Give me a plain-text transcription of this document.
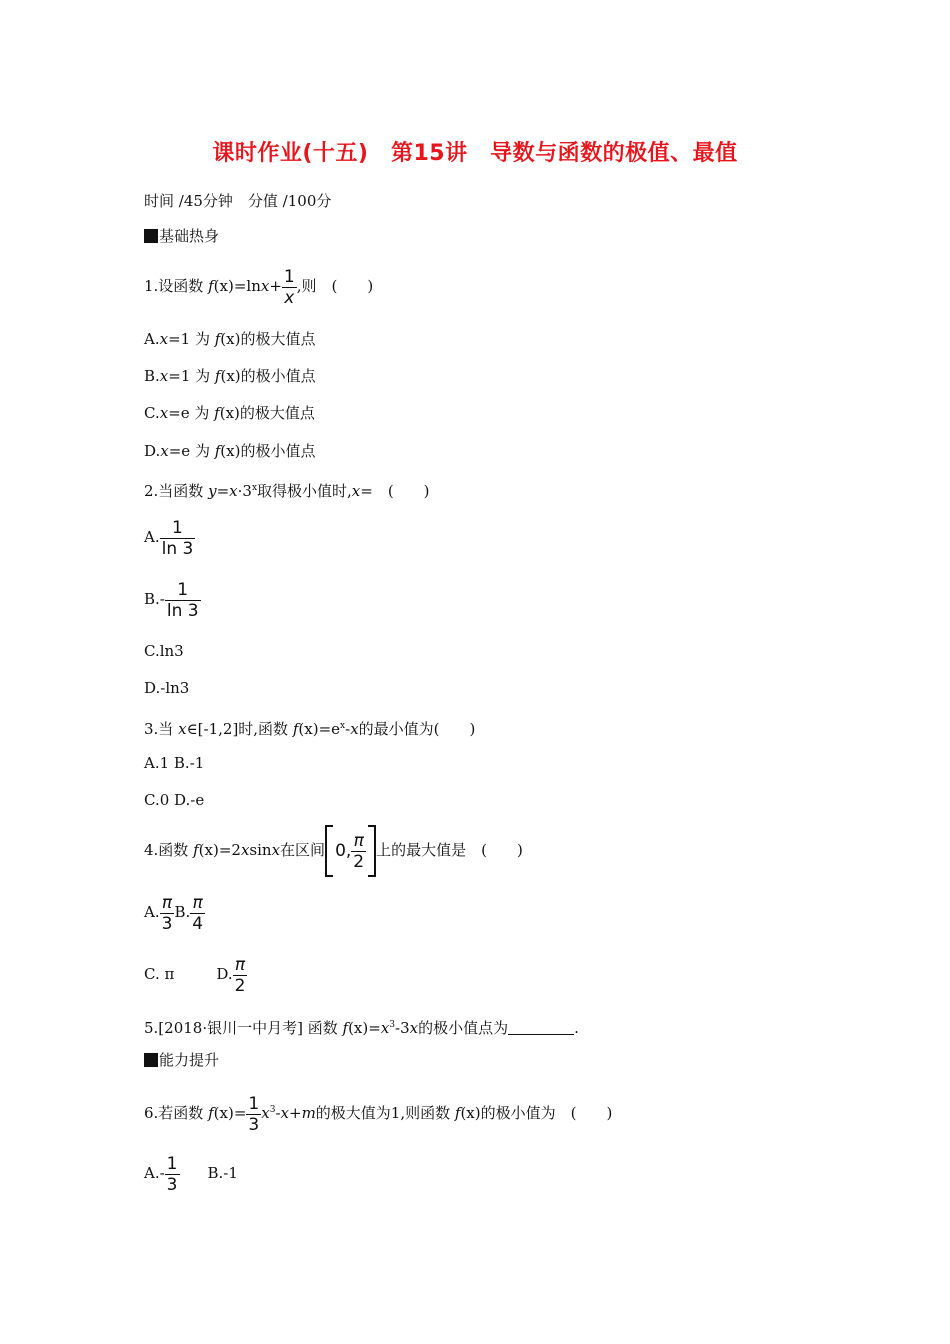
课时作业(十五)　第15讲　导数与函数的极值、最值
时间 /45分钟　分值 /100分
基础热身
1.设函数 $f(x)=\ln x+ \frac{1}{x}$ ,则　(　　)
A.x=1 为 f(x)的极大值点
B.x=1 为 f(x)的极小值点
C.x=e 为 f(x)的极大值点
D.x=e 为 f(x)的极小值点
2.当函数 $y=x\cdot 3^x$取得极小值时,x=　(　　)
A. $\frac{1}{\ln 3}$
$B.- \frac{1}{\ln 3}$
C.ln3
D.-ln3
3.当 x∈[-1,2]时,函数 $f(x)=e^x-x$的最小值为(　　)
A.1 B.-1
C.0 D.-e
4.函数 f(x)=2xsinx在区间 0, $\frac{\pi}{2}$ 上的最大值是　(　　)
A. $\frac{\pi}{3} B$. $\frac{\pi}{4}$
C. π	D. $\frac{\pi}{2}$
5.[2018·银川一中月考] 函数 $f(x)=x^3-3x$的极小值点为	.
能力提升
6.若函数 $f(x)= \frac{1}{3} x^3-x+m$的极大值为1,则函数 f(x)的极小值为　(　　)
$A.- \frac{1}{3} B.-1$
